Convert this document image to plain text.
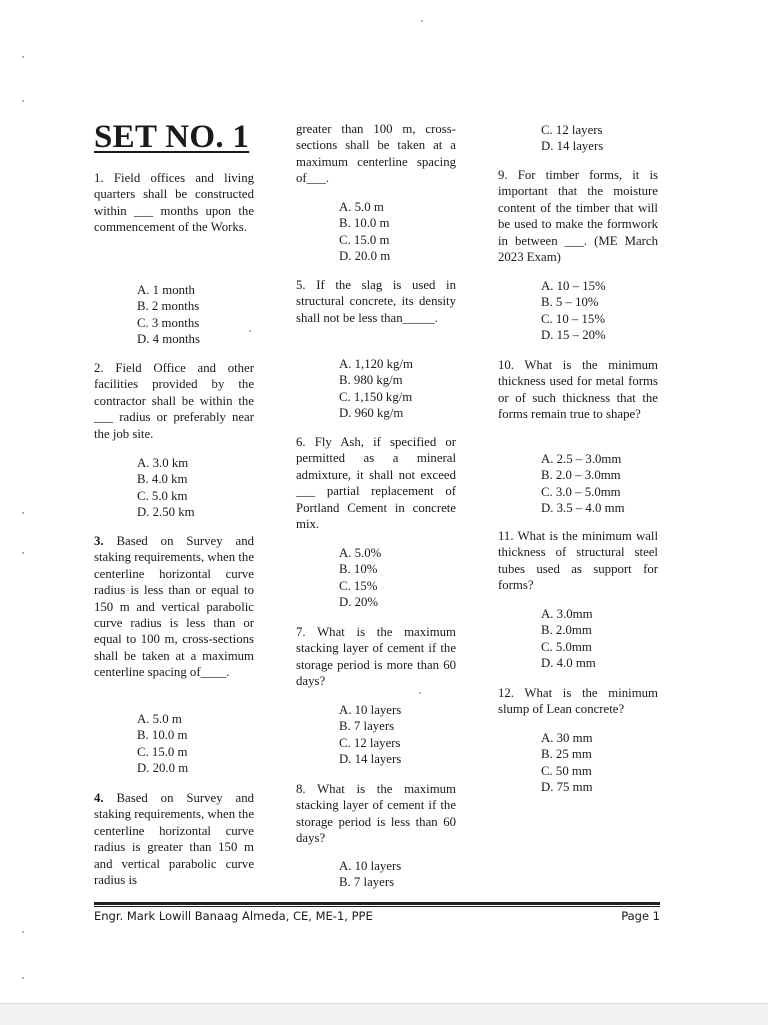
SET NO. 1
1. Field offices and living quarters shall be constructed within ___ months upon the commencement of the Works.
A. 1 month
B. 2 months
C. 3 months
D. 4 months
2. Field Office and other facilities provided by the contractor shall be within the ___ radius or preferably near the job site.
A. 3.0 km
B. 4.0 km
C. 5.0 km
D. 2.50 km
3. Based on Survey and staking requirements, when the centerline horizontal curve radius is less than or equal to 150 m and vertical parabolic curve radius is less than or equal to 100 m, cross-sections shall be taken at a maximum centerline spacing of____.
A. 5.0 m
B. 10.0 m
C. 15.0 m
D. 20.0 m
4. Based on Survey and staking requirements, when the centerline horizontal curve radius is greater than 150 m and vertical parabolic curve radius is
greater than 100 m, cross-sections shall be taken at a maximum centerline spacing of___.
A. 5.0 m
B. 10.0 m
C. 15.0 m
D. 20.0 m
5. If the slag is used in structural concrete, its density shall not be less than_____.
A. 1,120 kg/m
B. 980 kg/m
C. 1,150 kg/m
D. 960 kg/m
6. Fly Ash, if specified or permitted as a mineral admixture, it shall not exceed ___ partial replacement of Portland Cement in concrete mix.
A. 5.0%
B. 10%
C. 15%
D. 20%
7. What is the maximum stacking layer of cement if the storage period is more than 60 days?
A. 10 layers
B. 7 layers
C. 12 layers
D. 14 layers
8. What is the maximum stacking layer of cement if the storage period is less than 60 days?
A. 10 layers
B. 7 layers
C. 12 layers
D. 14 layers
9. For timber forms, it is important that the moisture content of the timber that will be used to make the formwork in between ___. (ME March 2023 Exam)
A. 10 – 15%
B. 5 – 10%
C. 10 – 15%
D. 15 – 20%
10. What is the minimum thickness used for metal forms or of such thickness that the forms remain true to shape?
A. 2.5 – 3.0mm
B. 2.0 – 3.0mm
C. 3.0 – 5.0mm
D. 3.5 – 4.0 mm
11. What is the minimum wall thickness of structural steel tubes used as support for forms?
A. 3.0mm
B. 2.0mm
C. 5.0mm
D. 4.0 mm
12. What is the minimum slump of Lean concrete?
A. 30 mm
B. 25 mm
C. 50 mm
D. 75 mm
Engr. Mark Lowill Banaag Almeda, CE, ME-1, PPE	Page 1
